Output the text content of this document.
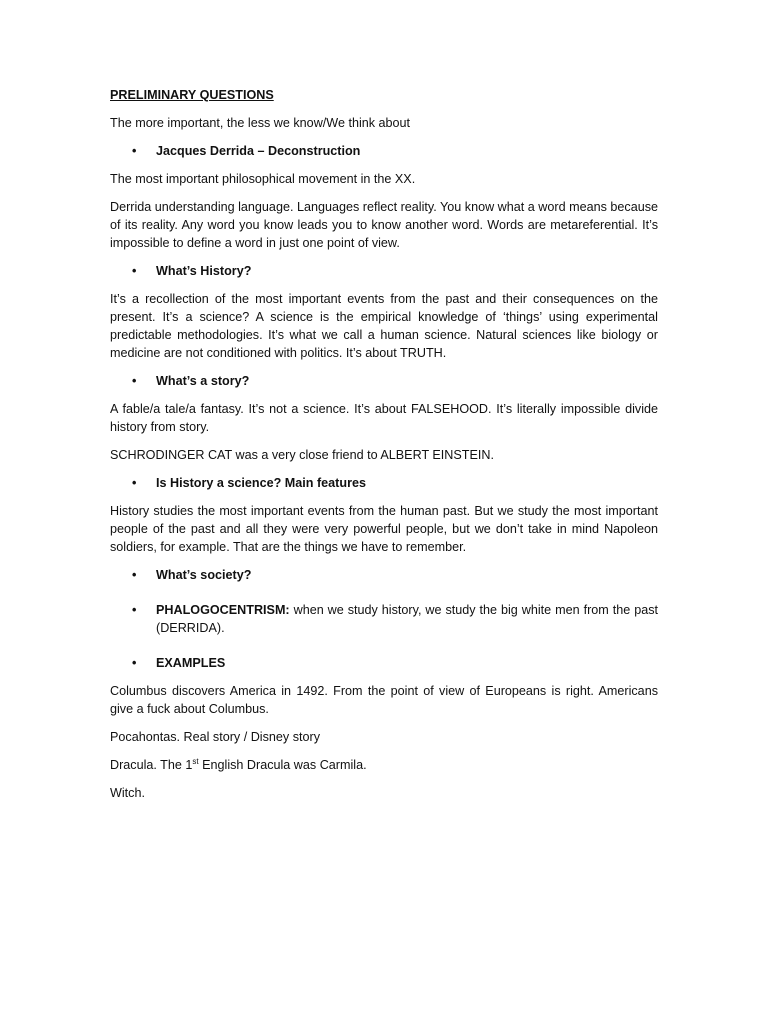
PRELIMINARY QUESTIONS
The more important, the less we know/We think about
• Jacques Derrida – Deconstruction
The most important philosophical movement in the XX.
Derrida understanding language. Languages reflect reality. You know what a word means because of its reality. Any word you know leads you to know another word. Words are metareferential. It’s impossible to define a word in just one point of view.
• What’s History?
It’s a recollection of the most important events from the past and their consequences on the present. It’s a science? A science is the empirical knowledge of ‘things’ using experimental predictable methodologies. It’s what we call a human science. Natural sciences like biology or medicine are not conditioned with politics. It’s about TRUTH.
• What’s a story?
A fable/a tale/a fantasy. It’s not a science. It’s about FALSEHOOD. It’s literally impossible divide history from story.
SCHRODINGER CAT was a very close friend to ALBERT EINSTEIN.
• Is History a science? Main features
History studies the most important events from the human past. But we study the most important people of the past and all they were very powerful people, but we don’t take in mind Napoleon soldiers, for example. That are the things we have to remember.
• What’s society?
• PHALOGOCENTRISM: when we study history, we study the big white men from the past (DERRIDA).
• EXAMPLES
Columbus discovers America in 1492. From the point of view of Europeans is right. Americans give a fuck about Columbus.
Pocahontas. Real story / Disney story
Dracula. The 1st English Dracula was Carmila.
Witch.
